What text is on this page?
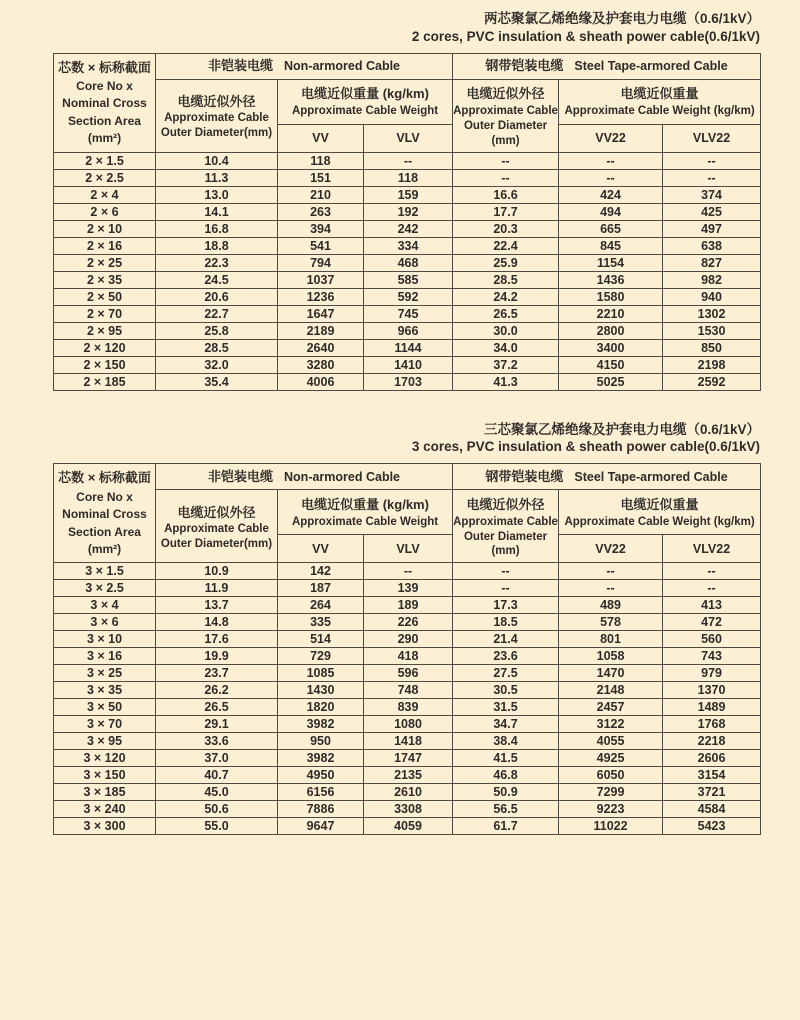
两芯聚氯乙烯绝缘及护套电力电缆（0.6/1kV）
2 cores, PVC insulation & sheath power cable(0.6/1kV)
芯数 × 标称截面
Core No x
Nominal Cross
Section Area
(mm²)	非铠装电缆 Non-armored Cable			钢带铠装电缆 Steel Tape-armored Cable		

电缆近似外径
Approximate Cable
Outer Diameter(mm)

电缆近似重量 (kg/km)
Approximate Cable Weight

电缆近似外径
Approximate Cable
Outer Diameter
(mm)

电缆近似重量
Approximate Cable Weight (kg/km)

		VV	VLV		VV22	VLV22
2 × 1.5	10.4	118	--	--	--	--
2 × 2.5	11.3	151	118	--	--	--
2 × 4	13.0	210	159	16.6	424	374
2 × 6	14.1	263	192	17.7	494	425
2 × 10	16.8	394	242	20.3	665	497
2 × 16	18.8	541	334	22.4	845	638
2 × 25	22.3	794	468	25.9	1154	827
2 × 35	24.5	1037	585	28.5	1436	982
2 × 50	20.6	1236	592	24.2	1580	940
2 × 70	22.7	1647	745	26.5	2210	1302
2 × 95	25.8	2189	966	30.0	2800	1530
2 × 120	28.5	2640	1144	34.0	3400	850
2 × 150	32.0	3280	1410	37.2	4150	2198
2 × 185	35.4	4006	1703	41.3	5025	2592
三芯聚氯乙烯绝缘及护套电力电缆（0.6/1kV）
3 cores, PVC insulation & sheath power cable(0.6/1kV)
芯数 × 标称截面
Core No x
Nominal Cross
Section Area
(mm²)	非铠装电缆 Non-armored Cable			钢带铠装电缆 Steel Tape-armored Cable		

电缆近似外径
Approximate Cable
Outer Diameter(mm)

电缆近似重量 (kg/km)
Approximate Cable Weight

电缆近似外径
Approximate Cable
Outer Diameter
(mm)

电缆近似重量
Approximate Cable Weight (kg/km)

		VV	VLV		VV22	VLV22
3 × 1.5	10.9	142	--	--	--	--
3 × 2.5	11.9	187	139	--	--	--
3 × 4	13.7	264	189	17.3	489	413
3 × 6	14.8	335	226	18.5	578	472
3 × 10	17.6	514	290	21.4	801	560
3 × 16	19.9	729	418	23.6	1058	743
3 × 25	23.7	1085	596	27.5	1470	979
3 × 35	26.2	1430	748	30.5	2148	1370
3 × 50	26.5	1820	839	31.5	2457	1489
3 × 70	29.1	3982	1080	34.7	3122	1768
3 × 95	33.6	950	1418	38.4	4055	2218
3 × 120	37.0	3982	1747	41.5	4925	2606
3 × 150	40.7	4950	2135	46.8	6050	3154
3 × 185	45.0	6156	2610	50.9	7299	3721
3 × 240	50.6	7886	3308	56.5	9223	4584
3 × 300	55.0	9647	4059	61.7	11022	5423
